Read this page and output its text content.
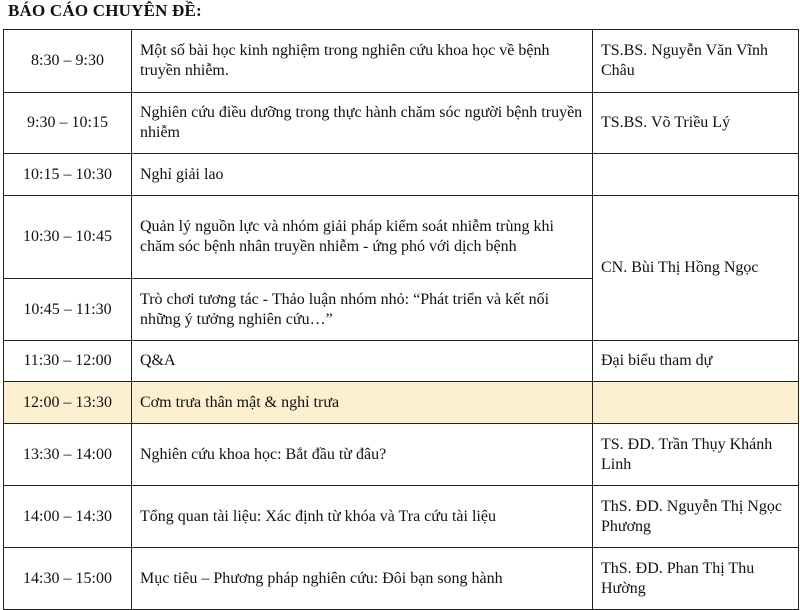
BÁO CÁO CHUYÊN ĐỀ:
8:30 – 9:30	Một số bài học kinh nghiệm trong nghiên cứu khoa học về bệnh truyền nhiễm.	TS.BS. Nguyễn Văn Vĩnh Châu
9:30 – 10:15	Nghiên cứu điều dưỡng trong thực hành chăm sóc người bệnh truyền nhiễm	TS.BS. Võ Triều Lý
10:15 – 10:30	Nghỉ giải lao	
10:30 – 10:45	Quản lý nguồn lực và nhóm giải pháp kiểm soát nhiễm trùng khi chăm sóc bệnh nhân truyền nhiễm - ứng phó với dịch bệnh	CN. Bùi Thị Hồng Ngọc
10:45 – 11:30	Trò chơi tương tác - Thảo luận nhóm nhỏ: “Phát triển và kết nối những ý tưởng nghiên cứu…”	
11:30 – 12:00	Q&A	Đại biểu tham dự
12:00 – 13:30	Cơm trưa thân mật & nghỉ trưa	
13:30 – 14:00	Nghiên cứu khoa học: Bắt đầu từ đâu?	TS. ĐD. Trần Thụy Khánh Linh
14:00 – 14:30	Tổng quan tài liệu: Xác định từ khóa và Tra cứu tài liệu	ThS. ĐD. Nguyễn Thị Ngọc Phương
14:30 – 15:00	Mục tiêu – Phương pháp nghiên cứu: Đôi bạn song hành	ThS. ĐD. Phan Thị Thu Hường
